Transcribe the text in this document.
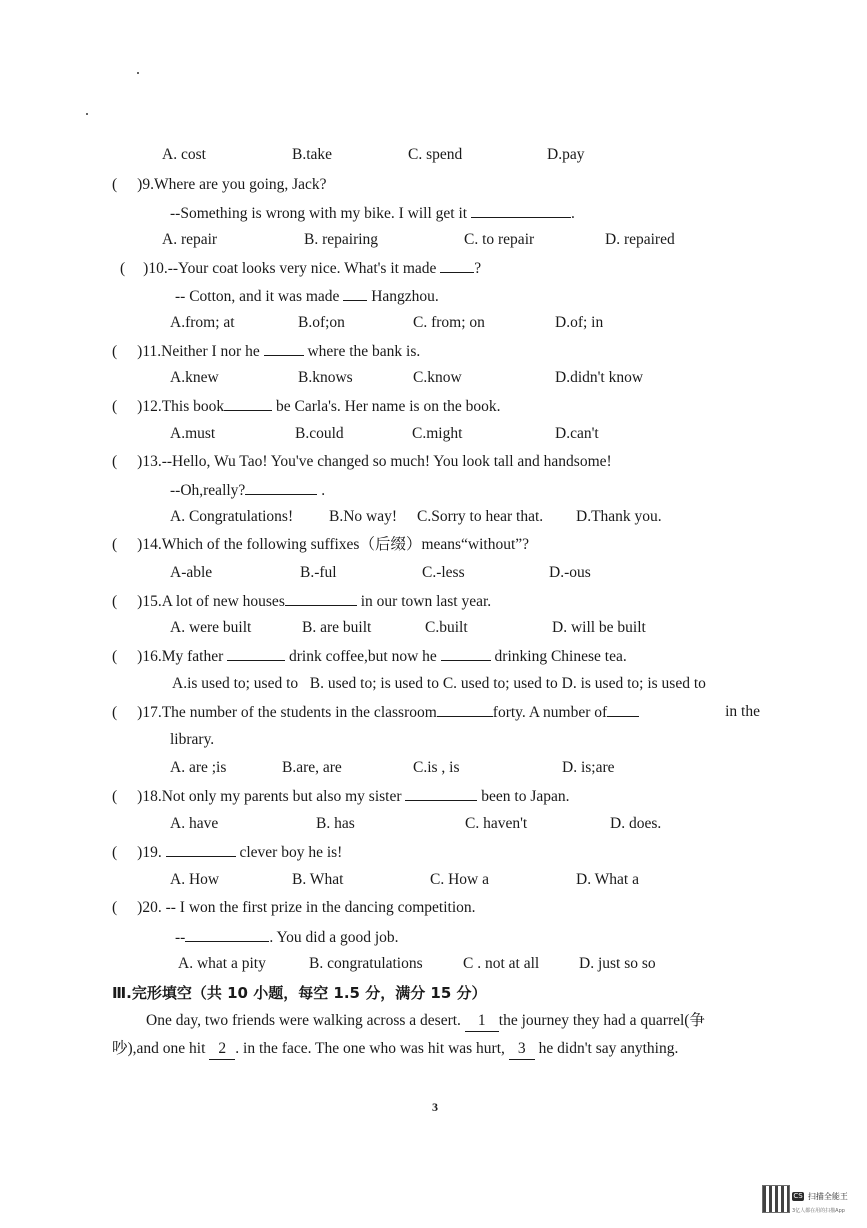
A. cost	B.take	C. spend	D.pay
( )9.Where are you going, Jack?
--Something is wrong with my bike. I will get it	.
A. repair	B. repairing	C. to repair	D. repaired
( )10.--Your coat looks very nice. What's it made ?
-- Cotton, and it was made Hangzhou.
A.from; at	B.of;on	C. from; on	D.of; in
( )11.Neither I nor he	where the bank is.
A.knew	B.knows	C.know	D.didn't know
( )12.This book	be Carla's. Her name is on the book.
A.must	B.could	C.might	D.can't
( )13.--Hello, Wu Tao! You've changed so much! You look tall and handsome!
--Oh,really?	.
A. Congratulations! B.No way! C.Sorry to hear that. D.Thank you.
( )14.Which of the following suffixes（后缀）means“without”?
A-able	B.-ful	C.-less	D.-ous
( )15.A lot of new houses	in our town last year.
A. were built	B. are built	C.built	D. will be built
( )16.My father	drink coffee,but now he	drinking Chinese tea.
A.is used to; used to   B. used to; is used to C. used to; used to D. is used to; is used to
( )17.The number of the students in the classroom	forty. A number of	in the
library.
A. are ;is	B.are, are	C.is , is	D. is;are
( )18.Not only my parents but also my sister	been to Japan.
A. have	B. has	C. haven't	D. does.
( )19.	clever boy he is!
A. How	B. What	C. How a	D. What a
( )20. -- I won the first prize in the dancing competition.
--	. You did a good job.
A. what a pity	B. congratulations	C . not at all	D. just so so
Ⅲ.完形填空（共 10 小题，每空 1.5 分，满分 15 分）
One day, two friends were walking across a desert. 1 the journey they had a quarrel(争
吵),and one hit 2 . in the face. The one who was hit was hurt, 3 he didn't say anything.
3
CS 扫描全能王
3亿人都在用的扫描App
